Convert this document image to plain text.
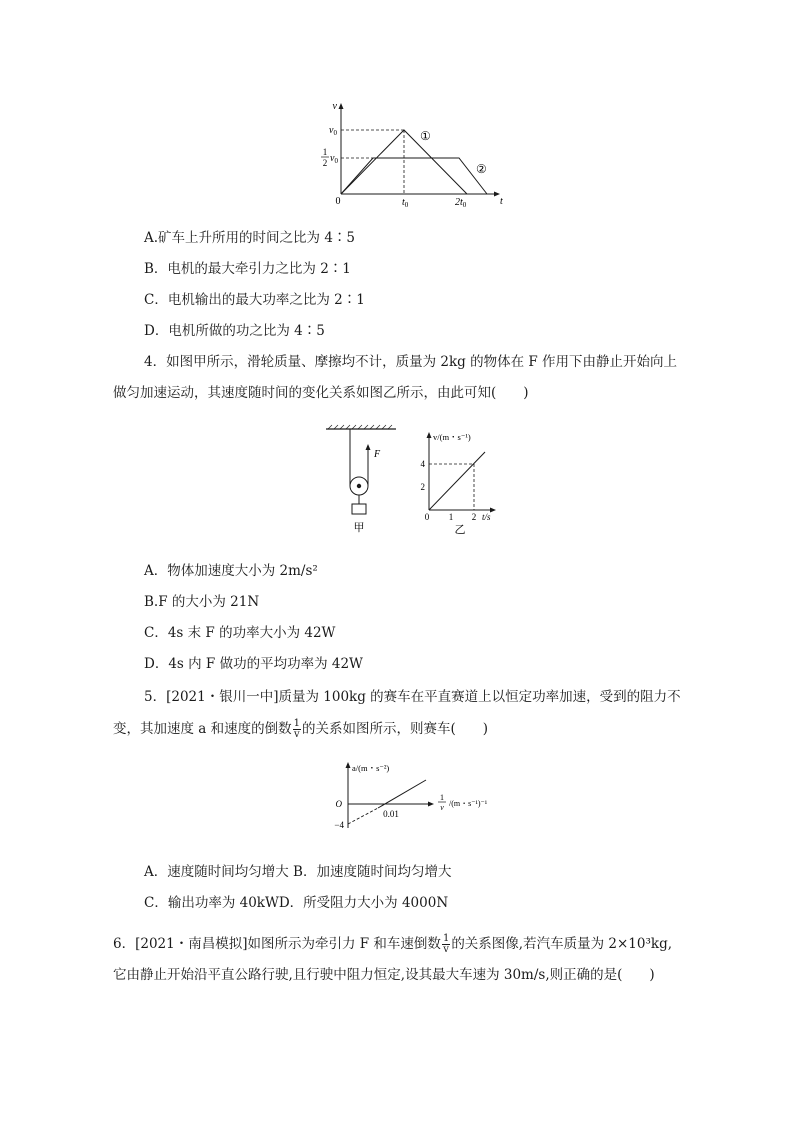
v
t
0
$v_0$
1
2 $v_0$
$t_0$	$2t_0$
①
②
A.矿车上升所用的时间之比为 4∶5
B．电机的最大牵引力之比为 2∶1
C．电机输出的最大功率之比为 2∶1
D．电机所做的功之比为 4∶5
4．如图甲所示，滑轮质量、摩擦均不计，质量为 2kg 的物体在 F 作用下由静止开始向上
做匀加速运动，其速度随时间的变化关系如图乙所示，由此可知(　　)
F
甲
v/(m・s⁻¹)
4
2
0 1 2 t/s
乙
A．物体加速度大小为 2m/s²
B.F 的大小为 21N
C．4s 末 F 的功率大小为 42W
D．4s 内 F 做功的平均功率为 42W
5．[2021・银川一中]质量为 100kg 的赛车在平直赛道上以恒定功率加速，受到的阻力不
变，其加速度 a 和速度的倒数 $\frac{1}{v}$ 的关系如图所示，则赛车(　　)
a/(m・s⁻²)
O
−4
0.01
1
v /(m・s⁻¹)⁻¹
A．速度随时间均匀增大 B．加速度随时间均匀增大
C．输出功率为 40kWD．所受阻力大小为 4000N
6．[2021・南昌模拟]如图所示为牵引力 F 和车速倒数 $\frac{1}{v}$ 的关系图像,若汽车质量为 2×10³kg,
它由静止开始沿平直公路行驶,且行驶中阻力恒定,设其最大车速为 30m/s,则正确的是(　　)
